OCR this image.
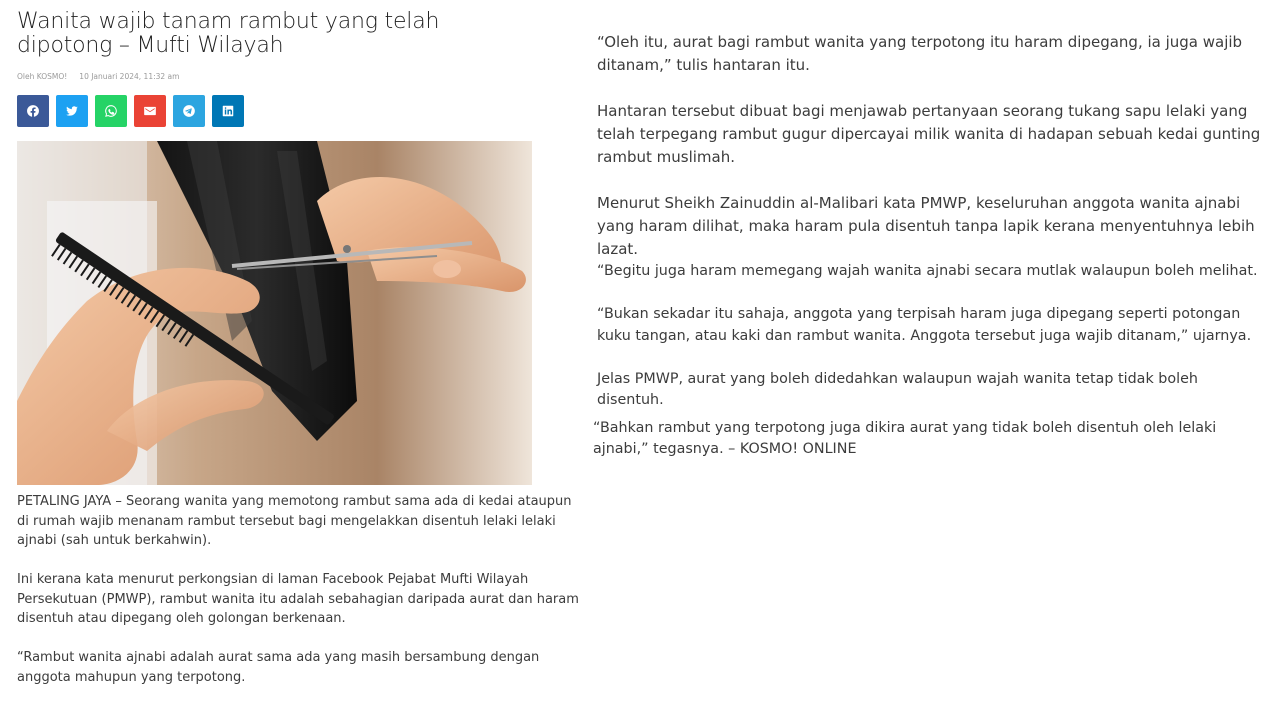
Wanita wajib tanam rambut yang telah dipotong – Mufti Wilayah
Oleh KOSMO! 10 Januari 2024, 11:32 am

PETALING JAYA – Seorang wanita yang memotong rambut sama ada di kedai ataupun di rumah wajib menanam rambut tersebut bagi mengelakkan disentuh lelaki lelaki ajnabi (sah untuk berkahwin).

Ini kerana kata menurut perkongsian di laman Facebook Pejabat Mufti Wilayah Persekutuan (PMWP), rambut wanita itu adalah sebahagian daripada aurat dan haram disentuh atau dipegang oleh golongan berkenaan.

“Rambut wanita ajnabi adalah aurat sama ada yang masih bersambung dengan anggota mahupun yang terpotong.

“Oleh itu, aurat bagi rambut wanita yang terpotong itu haram dipegang, ia juga wajib ditanam,” tulis hantaran itu.

Hantaran tersebut dibuat bagi menjawab pertanyaan seorang tukang sapu lelaki yang telah terpegang rambut gugur dipercayai milik wanita di hadapan sebuah kedai gunting rambut muslimah.

Menurut Sheikh Zainuddin al-Malibari kata PMWP, keseluruhan anggota wanita ajnabi yang haram dilihat, maka haram pula disentuh tanpa lapik kerana menyentuhnya lebih lazat.

“Begitu juga haram memegang wajah wanita ajnabi secara mutlak walaupun boleh melihat.

“Bukan sekadar itu sahaja, anggota yang terpisah haram juga dipegang seperti potongan kuku tangan, atau kaki dan rambut wanita. Anggota tersebut juga wajib ditanam,” ujarnya.

Jelas PMWP, aurat yang boleh didedahkan walaupun wajah wanita tetap tidak boleh disentuh.

“Bahkan rambut yang terpotong juga dikira aurat yang tidak boleh disentuh oleh lelaki ajnabi,” tegasnya. – KOSMO! ONLINE
